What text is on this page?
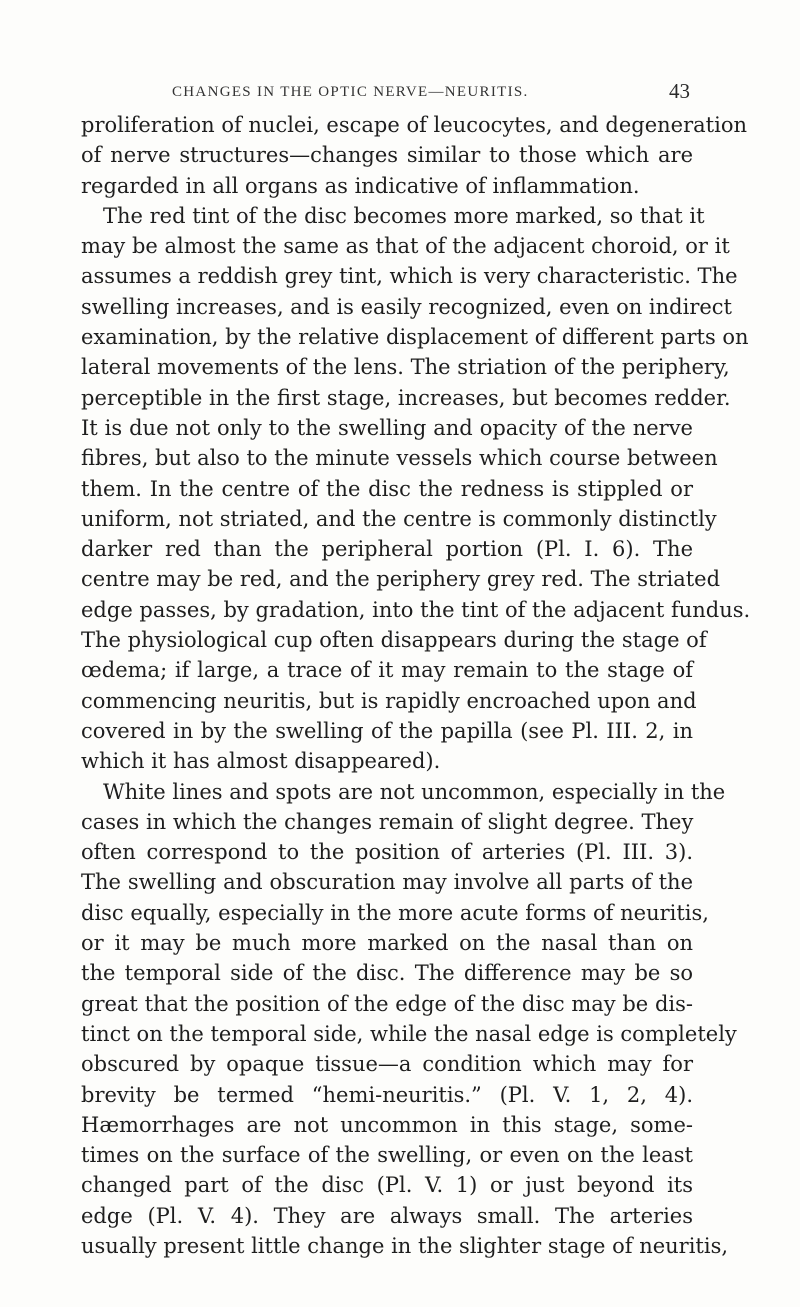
CHANGES IN THE OPTIC NERVE—NEURITIS.	43
proliferation of nuclei, escape of leucocytes, and degeneration
of nerve structures—changes similar to those which are
regarded in all organs as indicative of inflammation.
The red tint of the disc becomes more marked, so that it
may be almost the same as that of the adjacent choroid, or it
assumes a reddish grey tint, which is very characteristic. The
swelling increases, and is easily recognized, even on indirect
examination, by the relative displacement of different parts on
lateral movements of the lens. The striation of the periphery,
perceptible in the first stage, increases, but becomes redder.
It is due not only to the swelling and opacity of the nerve
fibres, but also to the minute vessels which course between
them. In the centre of the disc the redness is stippled or
uniform, not striated, and the centre is commonly distinctly
darker red than the peripheral portion (Pl. I. 6). The
centre may be red, and the periphery grey red. The striated
edge passes, by gradation, into the tint of the adjacent fundus.
The physiological cup often disappears during the stage of
œdema; if large, a trace of it may remain to the stage of
commencing neuritis, but is rapidly encroached upon and
covered in by the swelling of the papilla (see Pl. III. 2, in
which it has almost disappeared).
White lines and spots are not uncommon, especially in the
cases in which the changes remain of slight degree. They
often correspond to the position of arteries (Pl. III. 3).
The swelling and obscuration may involve all parts of the
disc equally, especially in the more acute forms of neuritis,
or it may be much more marked on the nasal than on
the temporal side of the disc. The difference may be so
great that the position of the edge of the disc may be dis-
tinct on the temporal side, while the nasal edge is completely
obscured by opaque tissue—a condition which may for
brevity be termed “hemi-neuritis.” (Pl. V. 1, 2, 4).
Hæmorrhages are not uncommon in this stage, some-
times on the surface of the swelling, or even on the least
changed part of the disc (Pl. V. 1) or just beyond its
edge (Pl. V. 4). They are always small. The arteries
usually present little change in the slighter stage of neuritis,
